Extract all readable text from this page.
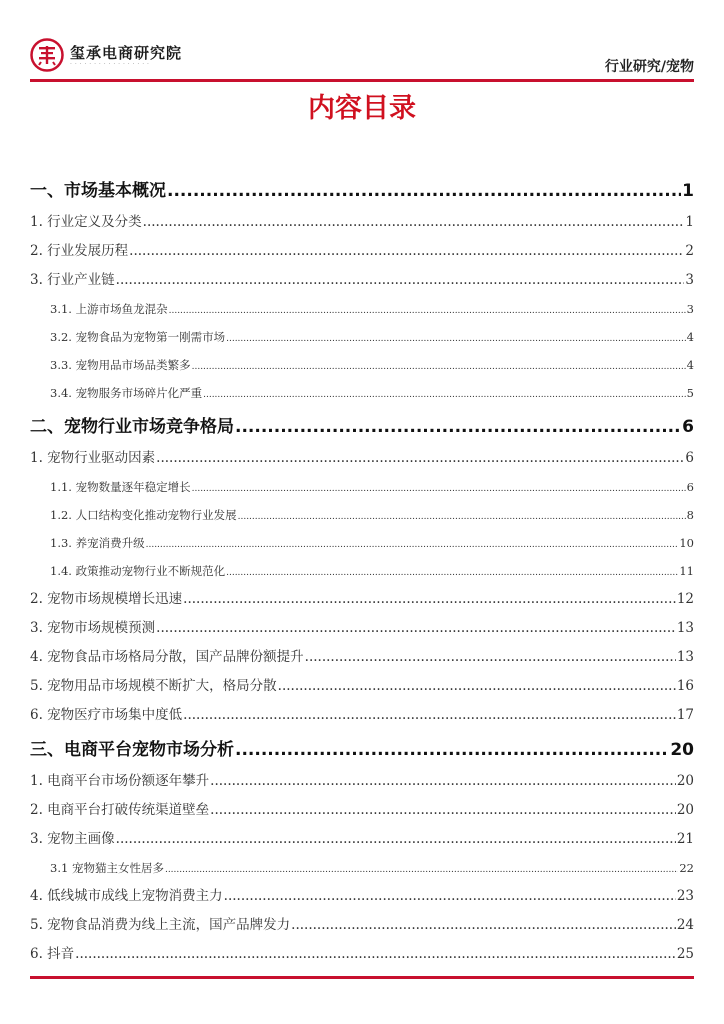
玺承电商研究院
· · · · · · · · · · · · · · · · ·	行业研究/宠物
内容目录
一、市场基本概况 .....	1
1. 行业定义及分类 .....	1
2. 行业发展历程 .....	2
3. 行业产业链 .....	3
3.1. 上游市场鱼龙混杂 .....	3
3.2. 宠物食品为宠物第一刚需市场 .....	4
3.3. 宠物用品市场品类繁多 .....	4
3.4. 宠物服务市场碎片化严重 .....	5
二、宠物行业市场竞争格局 .....	6
1. 宠物行业驱动因素 .....	6
1.1. 宠物数量逐年稳定增长 .....	6
1.2. 人口结构变化推动宠物行业发展 .....	8
1.3. 养宠消费升级 .....	10
1.4. 政策推动宠物行业不断规范化 .....	11
2. 宠物市场规模增长迅速 .....	12
3. 宠物市场规模预测 .....	13
4. 宠物食品市场格局分散，国产品牌份额提升 .....	13
5. 宠物用品市场规模不断扩大，格局分散 .....	16
6. 宠物医疗市场集中度低 .....	17
三、电商平台宠物市场分析 .....	20
1. 电商平台市场份额逐年攀升 .....	20
2. 电商平台打破传统渠道壁垒 .....	20
3. 宠物主画像 .....	21
3.1 宠物猫主女性居多 .....	22
4. 低线城市成线上宠物消费主力 .....	23
5. 宠物食品消费为线上主流，国产品牌发力 .....	24
6. 抖音 .....	25
